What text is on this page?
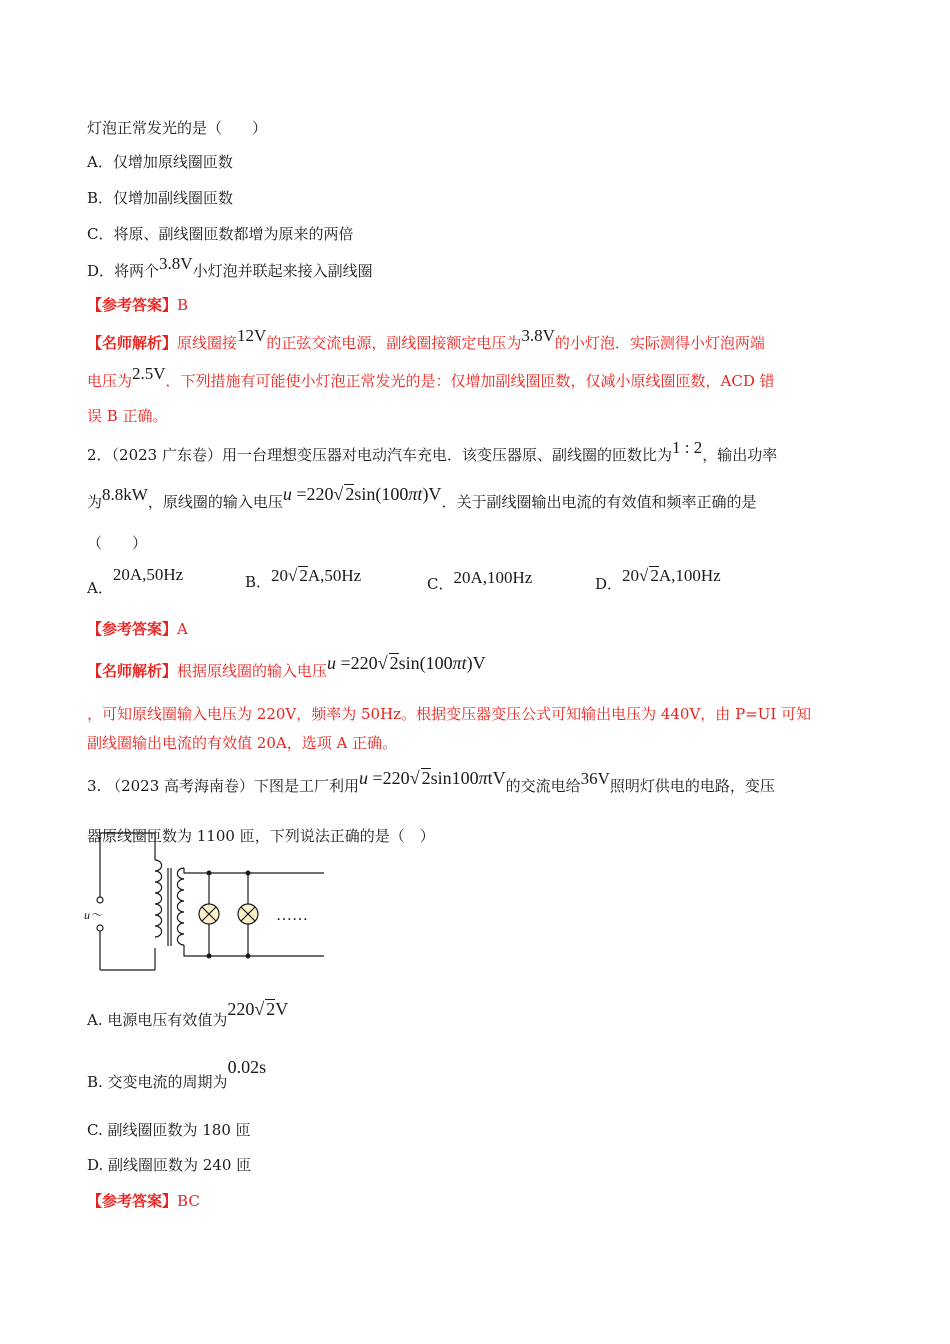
灯泡正常发光的是（　　）
A．仅增加原线圈匝数
B．仅增加副线圈匝数
C．将原、副线圈匝数都增为原来的两倍
D．将两个3.8V小灯泡并联起来接入副线圈
【参考答案】B
【名师解析】原线圈接12V的正弦交流电源，副线圈接额定电压为3.8V的小灯泡．实际测得小灯泡两端
电压为2.5V．下列措施有可能使小灯泡正常发光的是：仅增加副线圈匝数，仅减小原线圈匝数，ACD 错
误 B 正确。
2．（2023 广东卷）用一台理想变压器对电动汽车充电．该变压器原、副线圈的匝数比为1 : 2，输出功率
为8.8kW，原线圈的输入电压u =220√ 2sin(100πt)V．关于副线圈输出电流的有效值和频率正确的是
（　　）
A．20A,50Hz	B．20√ 2A,50Hz	C．20A,100Hz	D．20√ 2A,100Hz
【参考答案】A
【名师解析】根据原线圈的输入电压u =220√ 2sin(100πt)V
，可知原线圈输入电压为 220V，频率为 50Hz。根据变压器变压公式可知输出电压为 440V，由 P=UI 可知
副线圈输出电流的有效值 20A，选项 A 正确。
3. （2023 高考海南卷）下图是工厂利用u =220√ 2sin100πtV的交流电给36V照明灯供电的电路，变压
器原线圈匝数为 1100 匝，下列说法正确的是（　）
u～	……
A. 电源电压有效值为220√ 2V
B. 交变电流的周期为0.02s
C. 副线圈匝数为 180 匝
D. 副线圈匝数为 240 匝
【参考答案】BC
